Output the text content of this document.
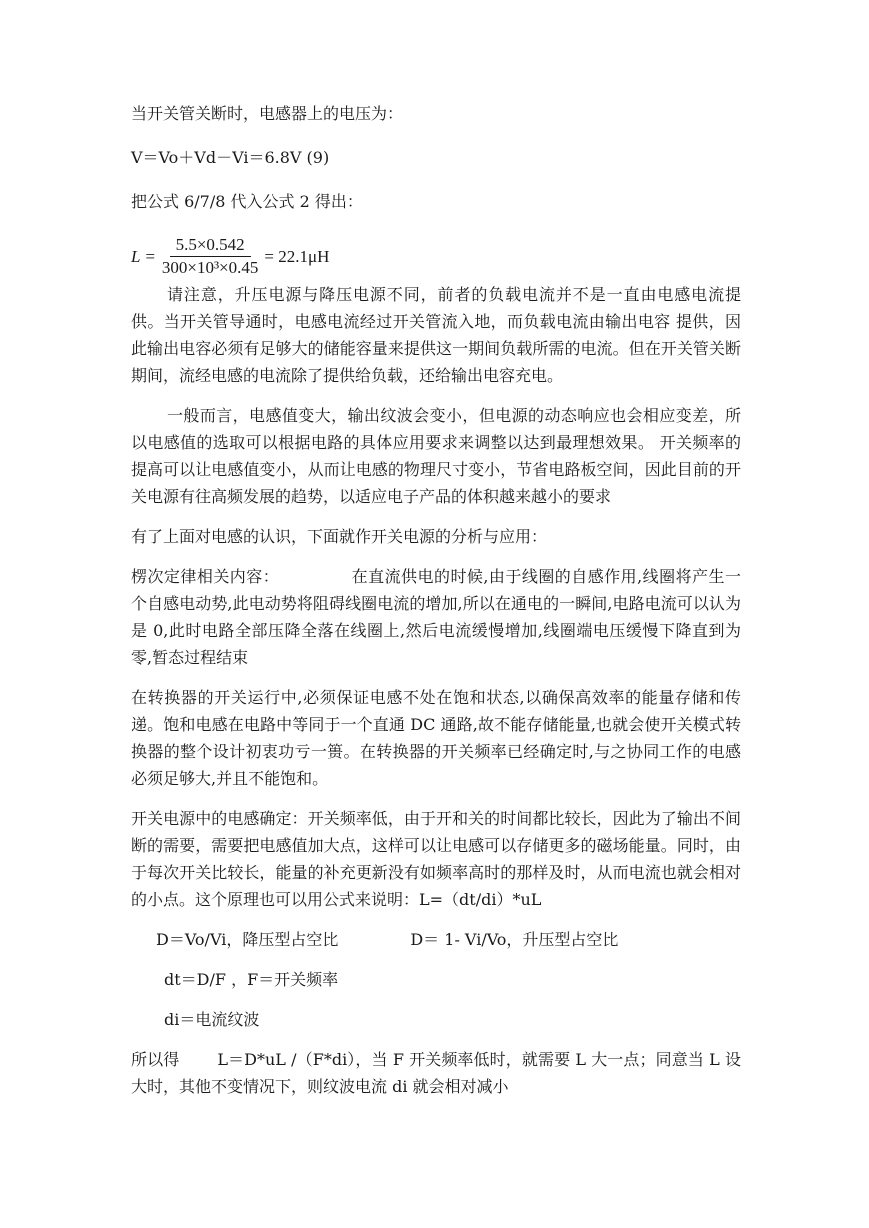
当开关管关断时，电感器上的电压为：

V＝Vo＋Vd－Vi＝6.8V (9)

把公式 6/7/8 代入公式 2 得出：

$L = \frac{5.5\times 0.542}{\text{300×10³×0.45}} = 22.1\mu H$

请注意，升压电源与降压电源不同，前者的负载电流并不是一直由电感电流提供。当开关管导通时，电感电流经过开关管流入地，而负载电流由输出电容 提供，因此输出电容必须有足够大的储能容量来提供这一期间负载所需的电流。但在开关管关断期间，流经电感的电流除了提供给负载，还给输出电容充电。

一般而言，电感值变大，输出纹波会变小，但电源的动态响应也会相应变差，所以电感值的选取可以根据电路的具体应用要求来调整以达到最理想效果。 开关频率的提高可以让电感值变小，从而让电感的物理尺寸变小，节省电路板空间，因此目前的开关电源有往高频发展的趋势，以适应电子产品的体积越来越小的要求

有了上面对电感的认识，下面就作开关电源的分析与应用：

楞次定律相关内容：	在直流供电的时候,由于线圈的自感作用,线圈将产生一个自感电动势,此电动势将阻碍线圈电流的增加,所以在通电的一瞬间,电路电流可以认为是 0,此时电路全部压降全落在线圈上,然后电流缓慢增加,线圈端电压缓慢下降直到为零,暂态过程结束

在转换器的开关运行中,必须保证电感不处在饱和状态,以确保高效率的能量存储和传递。饱和电感在电路中等同于一个直通 DC 通路,故不能存储能量,也就会使开关模式转换器的整个设计初衷功亏一篑。在转换器的开关频率已经确定时,与之协同工作的电感必须足够大,并且不能饱和。

开关电源中的电感确定：开关频率低，由于开和关的时间都比较长，因此为了输出不间断的需要，需要把电感值加大点，这样可以让电感可以存储更多的磁场能量。同时，由于每次开关比较长，能量的补充更新没有如频率高时的那样及时，从而电流也就会相对的小点。这个原理也可以用公式来说明：L=（dt/di）*uL

D＝Vo/Vi，降压型占空比	D＝ 1- Vi/Vo，升压型占空比

dt＝D/F ，F＝开关频率

di＝电流纹波

所以得 L＝D*uL /（F*di），当 F 开关频率低时，就需要 L 大一点；同意当 L 设大时，其他不变情况下，则纹波电流 di 就会相对减小
